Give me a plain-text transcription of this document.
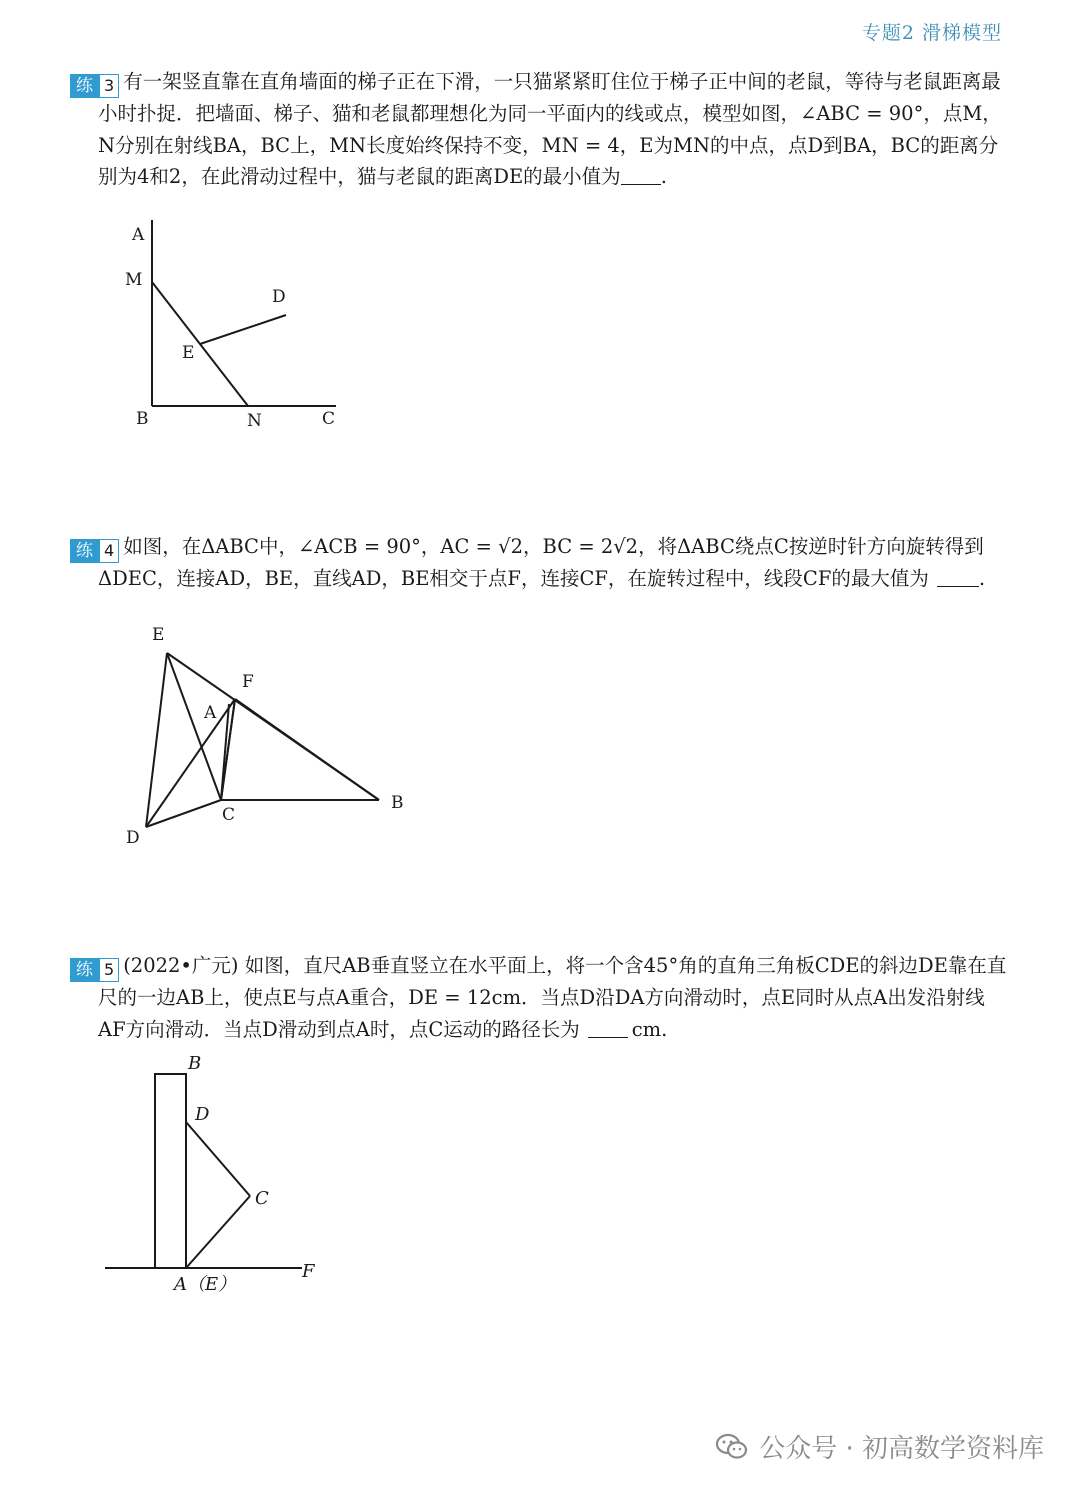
专题2 滑梯模型
练 3 有一架竖直靠在直角墙面的梯子正在下滑，一只猫紧紧盯住位于梯子正中间的老鼠，等待与老鼠距离最小时扑捉．把墙面、梯子、猫和老鼠都理想化为同一平面内的线或点，模型如图，∠ABC = 90°，点M，N分别在射线BA，BC上，MN长度始终保持不变，MN = 4，E为MN的中点，点D到BA，BC的距离分别为4和2，在此滑动过程中，猫与老鼠的距离DE的最小值为 .
A
M
D
E
B	N	C
练 4 如图，在ΔABC中，∠ACB = 90°，AC = √2，BC = 2√2，将ΔABC绕点C按逆时针方向旋转得到ΔDEC，连接AD，BE，直线AD，BE相交于点F，连接CF，在旋转过程中，线段CF的最大值为	.
E
F
A
C
B
D
练 5 (2022•广元) 如图，直尺AB垂直竖立在水平面上，将一个含45°角的直角三角板CDE的斜边DE靠在直尺的一边AB上，使点E与点A重合，DE = 12cm．当点D沿DA方向滑动时，点E同时从点A出发沿射线AF方向滑动．当点D滑动到点A时，点C运动的路径长为	cm.
B
D
C
A（E）
F
公众号 · 初高数学资料库
